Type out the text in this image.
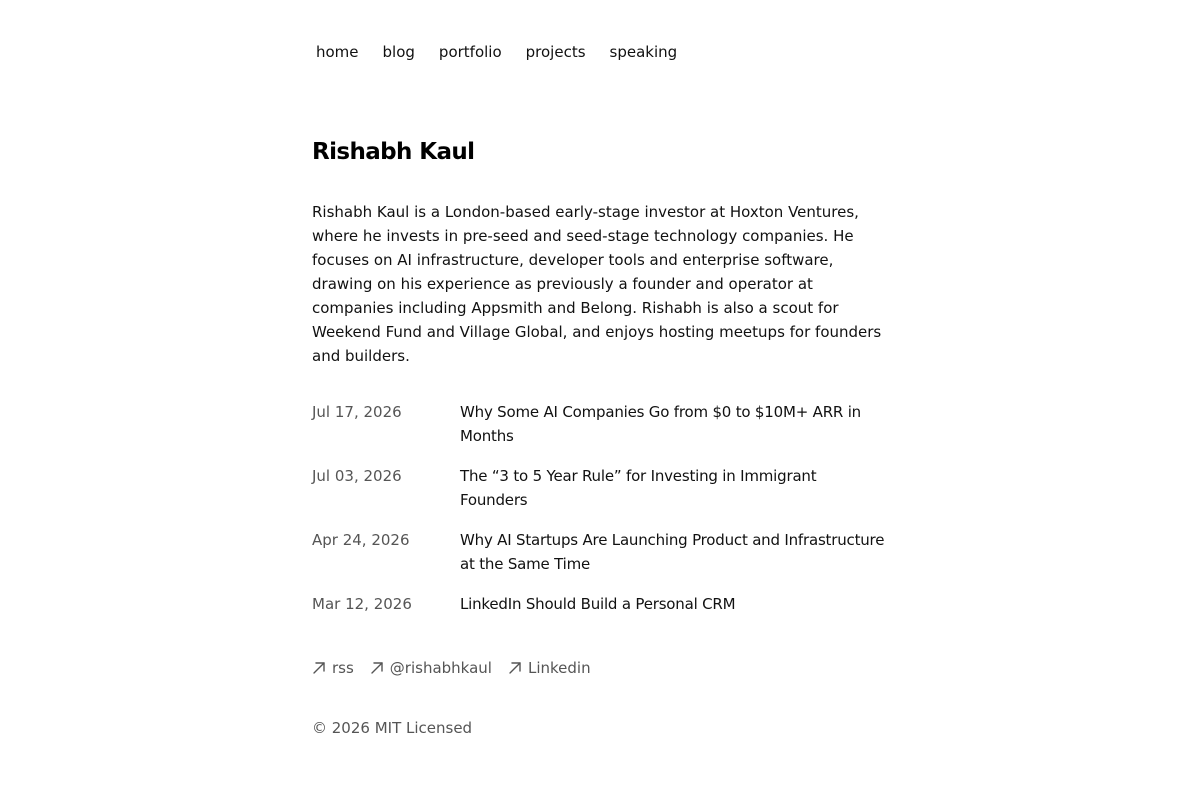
home blog portfolio projects speaking
Rishabh Kaul

Rishabh Kaul is a London-based early-stage investor at Hoxton Ventures, where he invests in pre-seed and seed-stage technology companies. He focuses on AI infrastructure, developer tools and enterprise software, drawing on his experience as previously a founder and operator at companies including Appsmith and Belong. Rishabh is also a scout for Weekend Fund and Village Global, and enjoys hosting meetups for founders and builders.

Jul 17, 2026	Why Some AI Companies Go from $0 to $10M+ ARR in Months
Jul 03, 2026	The “3 to 5 Year Rule” for Investing in Immigrant Founders
Apr 24, 2026	Why AI Startups Are Launching Product and Infrastructure at the Same Time
Mar 12, 2026	LinkedIn Should Build a Personal CRM
rss @rishabhkaul Linkedin
© 2026 MIT Licensed
